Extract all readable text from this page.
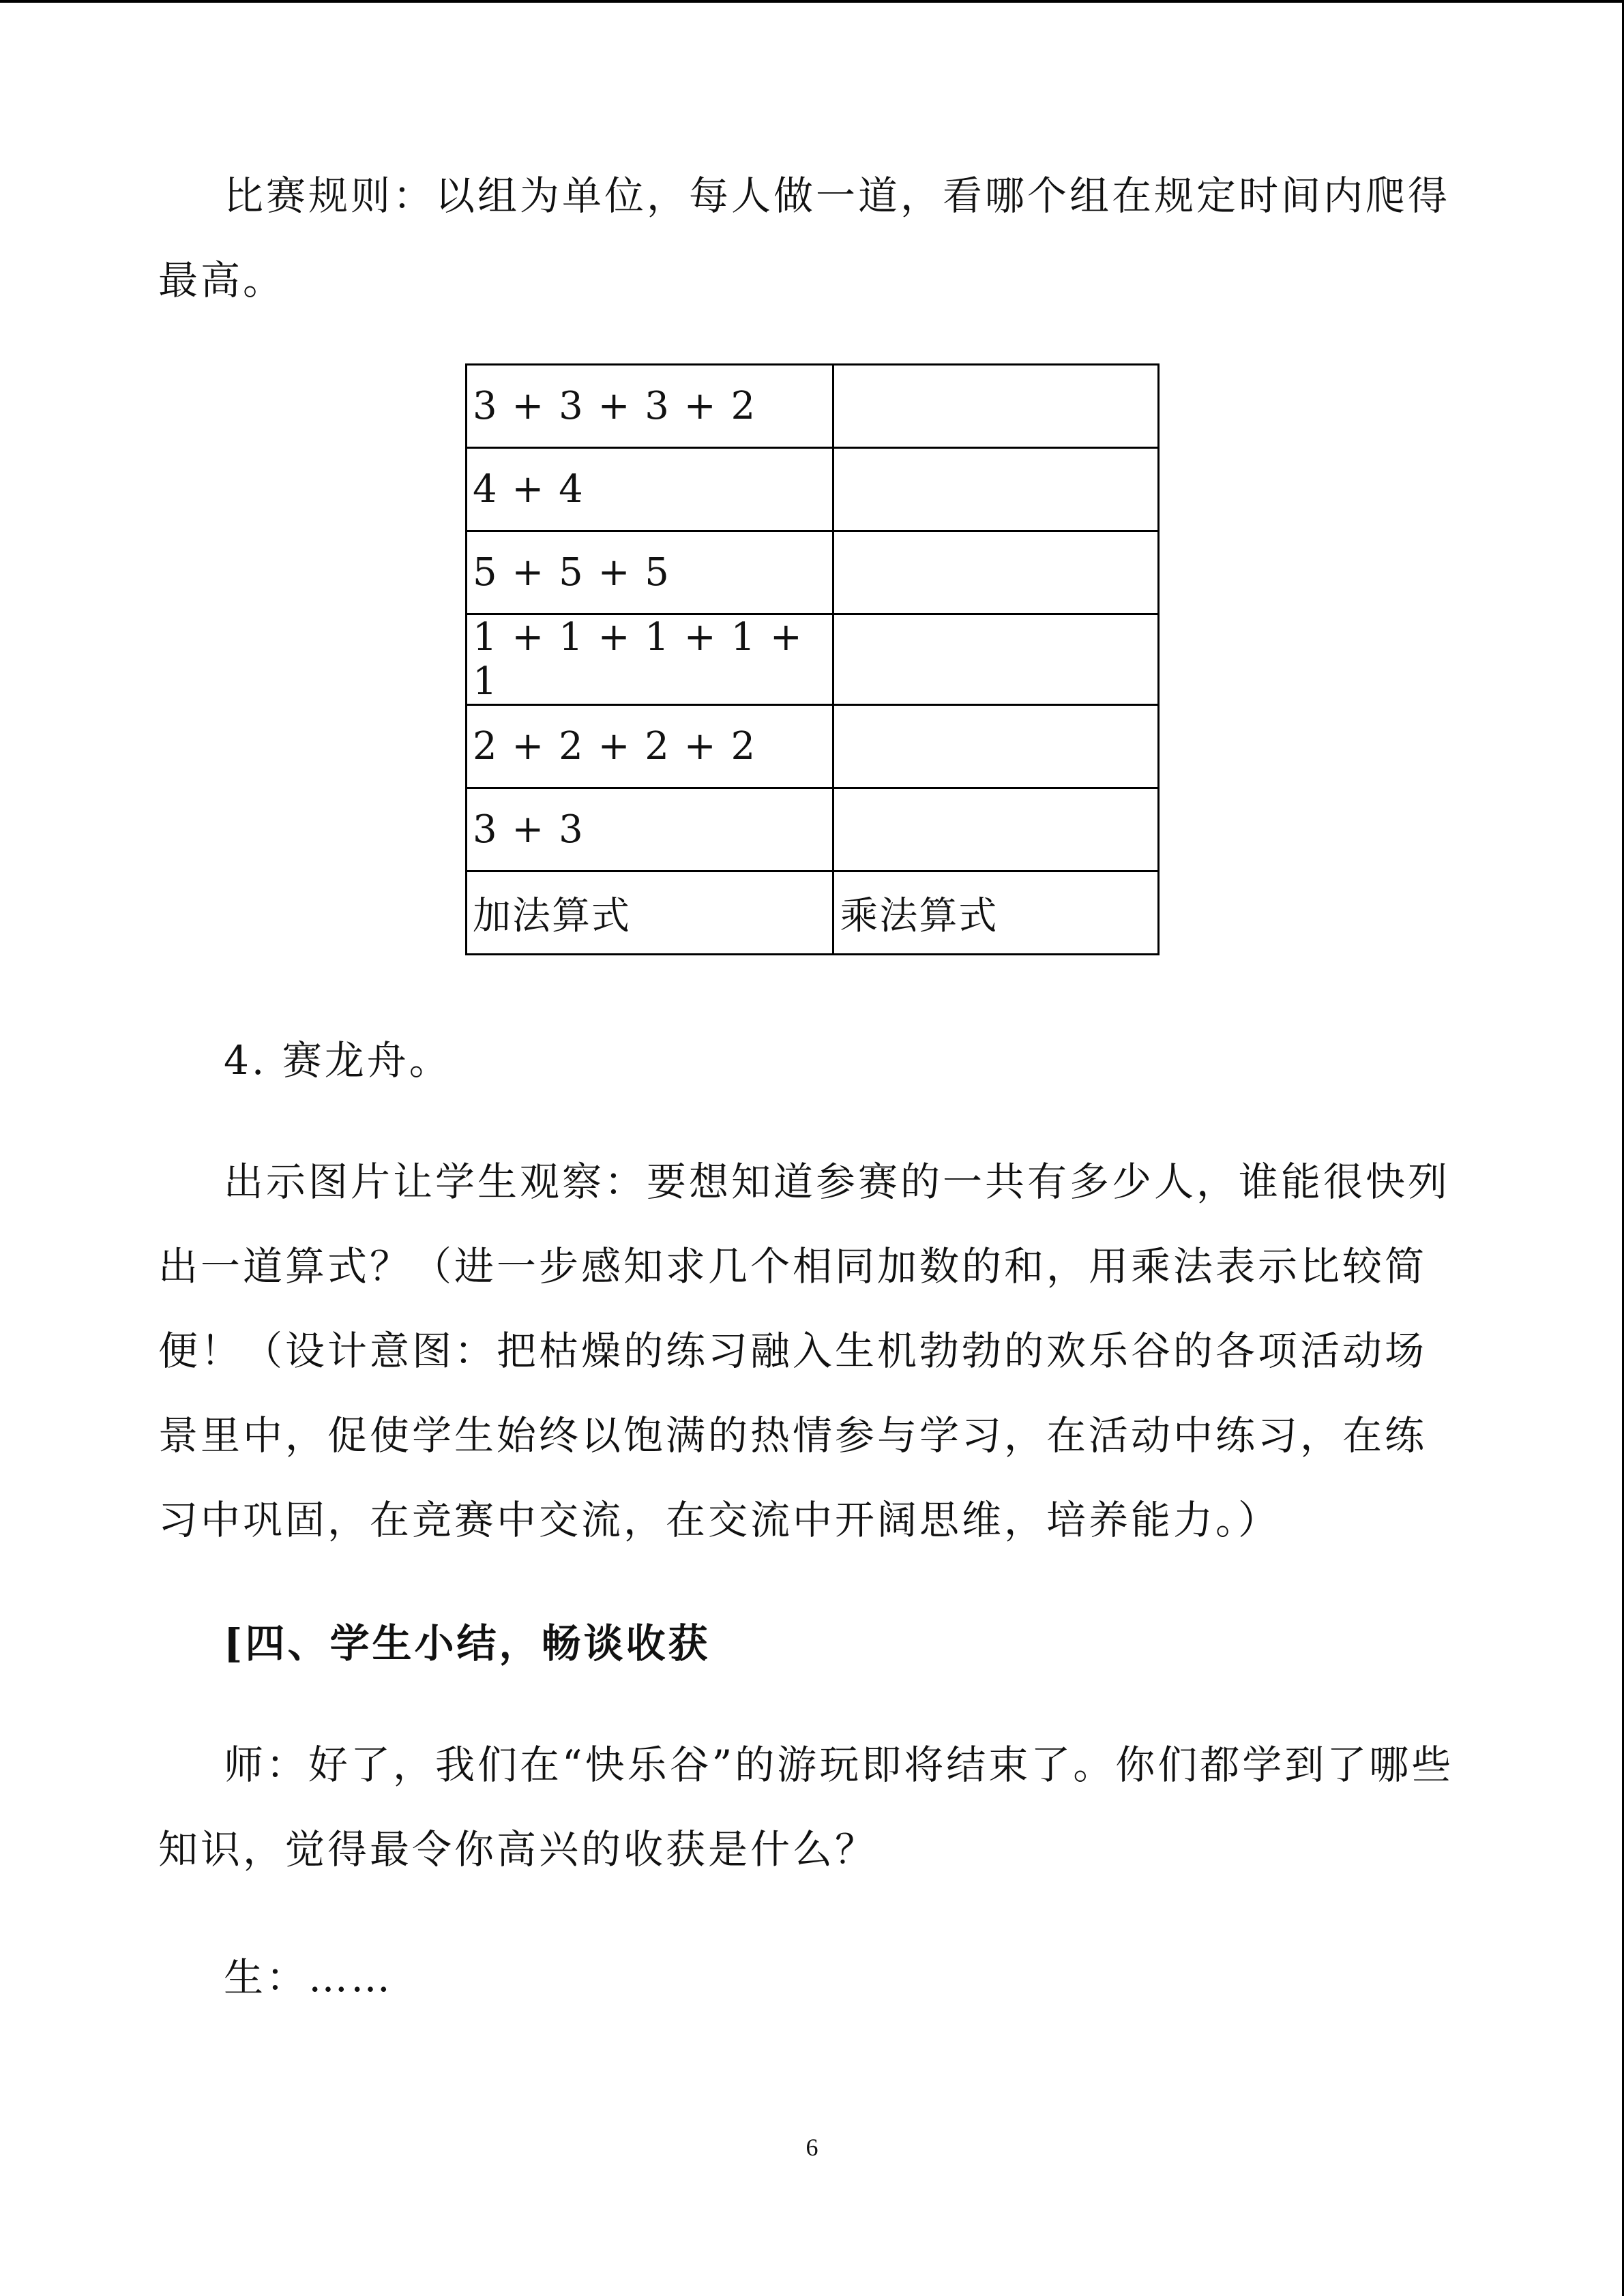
比赛规则：以组为单位，每人做一道，看哪个组在规定时间内爬得最高。

3 + 3 + 3 + 2	
4 + 4	
5 + 5 + 5	
1 + 1 + 1 + 1 + 1	
2 + 2 + 2 + 2	
3 + 3	
加法算式	乘法算式

4. 赛龙舟。

出示图片让学生观察：要想知道参赛的一共有多少人，谁能很快列出一道算式？（进一步感知求几个相同加数的和，用乘法表示比较简便！（设计意图：把枯燥的练习融入生机勃勃的欢乐谷的各项活动场景里中，促使学生始终以饱满的热情参与学习，在活动中练习，在练习中巩固，在竞赛中交流，在交流中开阔思维，培养能力。）

[四、学生小结，畅谈收获

师：好了，我们在“快乐谷”的游玩即将结束了。你们都学到了哪些知识，觉得最令你高兴的收获是什么？

生：……

6
